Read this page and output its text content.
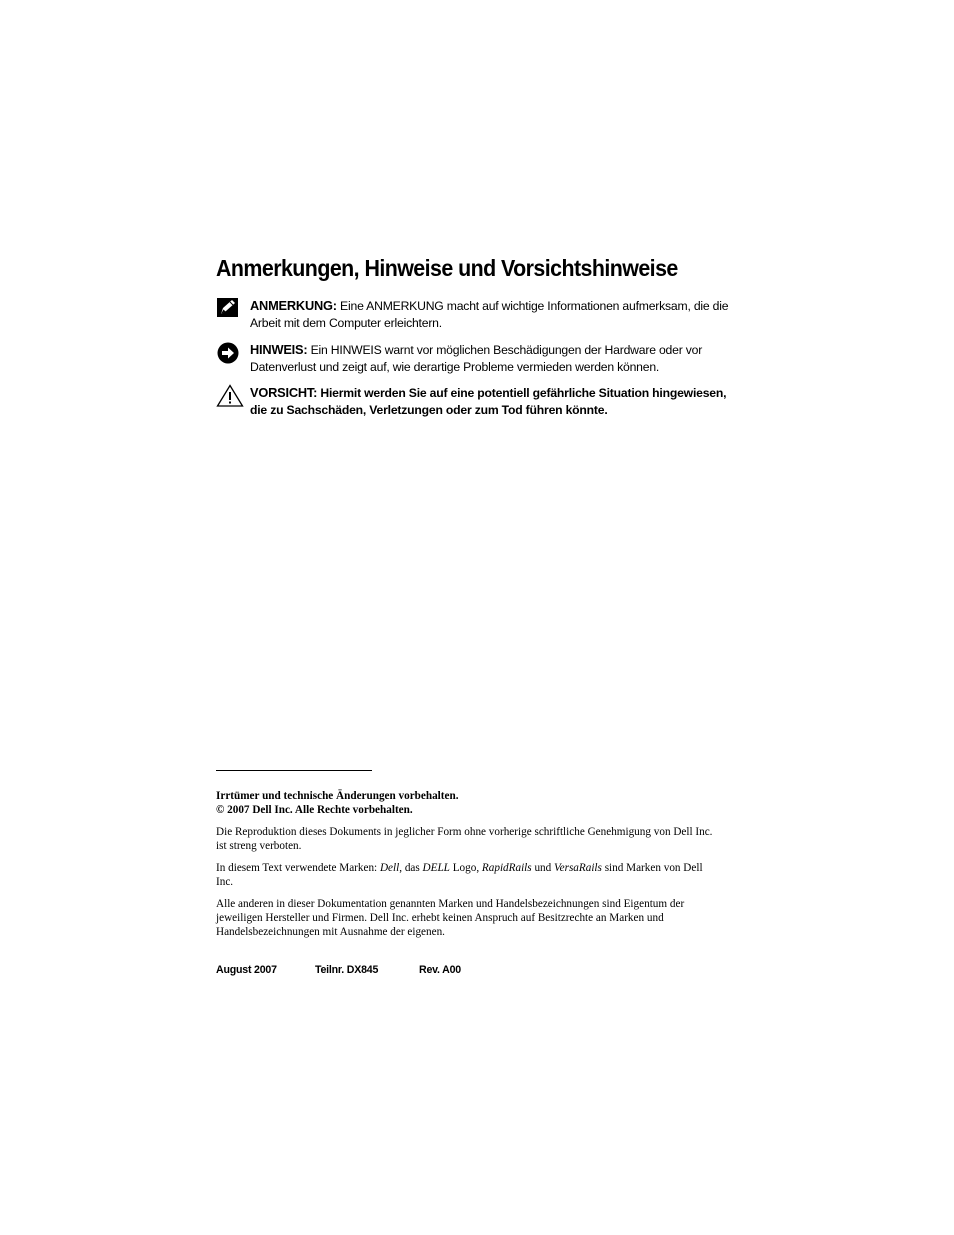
Anmerkungen, Hinweise und Vorsichtshinweise
ANMERKUNG: Eine ANMERKUNG macht auf wichtige Informationen aufmerksam, die die Arbeit mit dem Computer erleichtern.
HINWEIS: Ein HINWEIS warnt vor möglichen Beschädigungen der Hardware oder vor Datenverlust und zeigt auf, wie derartige Probleme vermieden werden können.
VORSICHT: Hiermit werden Sie auf eine potentiell gefährliche Situation hingewiesen, die zu Sachschäden, Verletzungen oder zum Tod führen könnte.

Irrtümer und technische Änderungen vorbehalten.

© 2007 Dell Inc. Alle Rechte vorbehalten.

Die Reproduktion dieses Dokuments in jeglicher Form ohne vorherige schriftliche Genehmigung von Dell Inc. ist streng verboten.

In diesem Text verwendete Marken: Dell, das DELL Logo, RapidRails und VersaRails sind Marken von Dell Inc.

Alle anderen in dieser Dokumentation genannten Marken und Handelsbezeichnungen sind Eigentum der jeweiligen Hersteller und Firmen. Dell Inc. erhebt keinen Anspruch auf Besitzrechte an Marken und Handelsbezeichnungen mit Ausnahme der eigenen.

August 2007	Teilnr. DX845	Rev. A00
